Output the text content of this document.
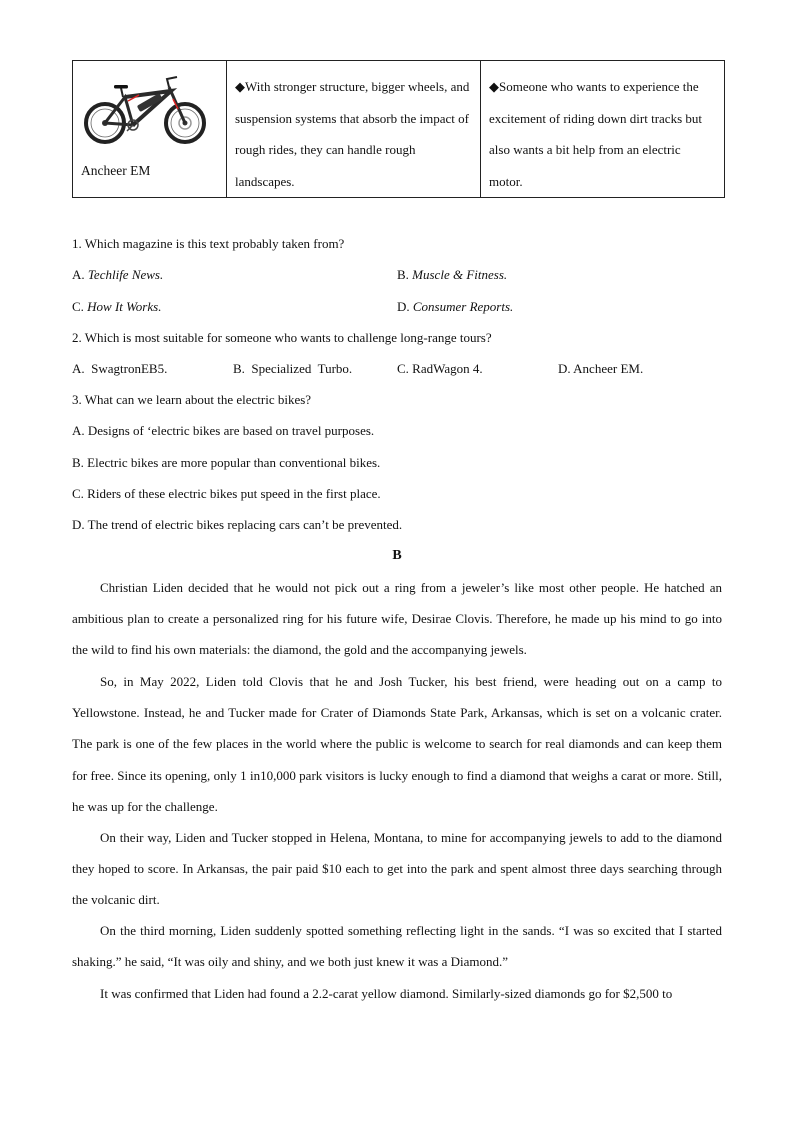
Ancheer EM

◆With stronger structure, bigger wheels, and suspension systems that absorb the impact of rough rides, they can handle rough landscapes.

◆Someone who wants to experience the excitement of riding down dirt tracks but also wants a bit help from an electric motor.
1. Which magazine is this text probably taken from?
A. Techlife News.	B. Muscle & Fitness.
C. How It Works.	D. Consumer Reports.
2. Which is most suitable for someone who wants to challenge long-range tours?
A.  SwagtronEB5.	B.  Specialized  Turbo.	C. RadWagon 4.	D. Ancheer EM.
3. What can we learn about the electric bikes?
A. Designs of ‘electric bikes are based on travel purposes.
B. Electric bikes are more popular than conventional bikes.
C. Riders of these electric bikes put speed in the first place.
D. The trend of electric bikes replacing cars can’t be prevented.
B
Christian Liden decided that he would not pick out a ring from a jeweler’s like most other people. He hatched an ambitious plan to create a personalized ring for his future wife, Desirae Clovis. Therefore, he made up his mind to go into the wild to find his own materials: the diamond, the gold and the accompanying jewels.
So, in May 2022, Liden told Clovis that he and Josh Tucker, his best friend, were heading out on a camp to Yellowstone. Instead, he and Tucker made for Crater of Diamonds State Park, Arkansas, which is set on a volcanic crater. The park is one of the few places in the world where the public is welcome to search for real diamonds and can keep them for free. Since its opening, only 1 in10,000 park visitors is lucky enough to find a diamond that weighs a carat or more. Still, he was up for the challenge.
On their way, Liden and Tucker stopped in Helena, Montana, to mine for accompanying jewels to add to the diamond they hoped to score. In Arkansas, the pair paid $10 each to get into the park and spent almost three days searching through the volcanic dirt.
On the third morning, Liden suddenly spotted something reflecting light in the sands. “I was so excited that I started shaking.” he said, “It was oily and shiny, and we both just knew it was a Diamond.”
It was confirmed that Liden had found a 2.2-carat yellow diamond. Similarly-sized diamonds go for $2,500 to
